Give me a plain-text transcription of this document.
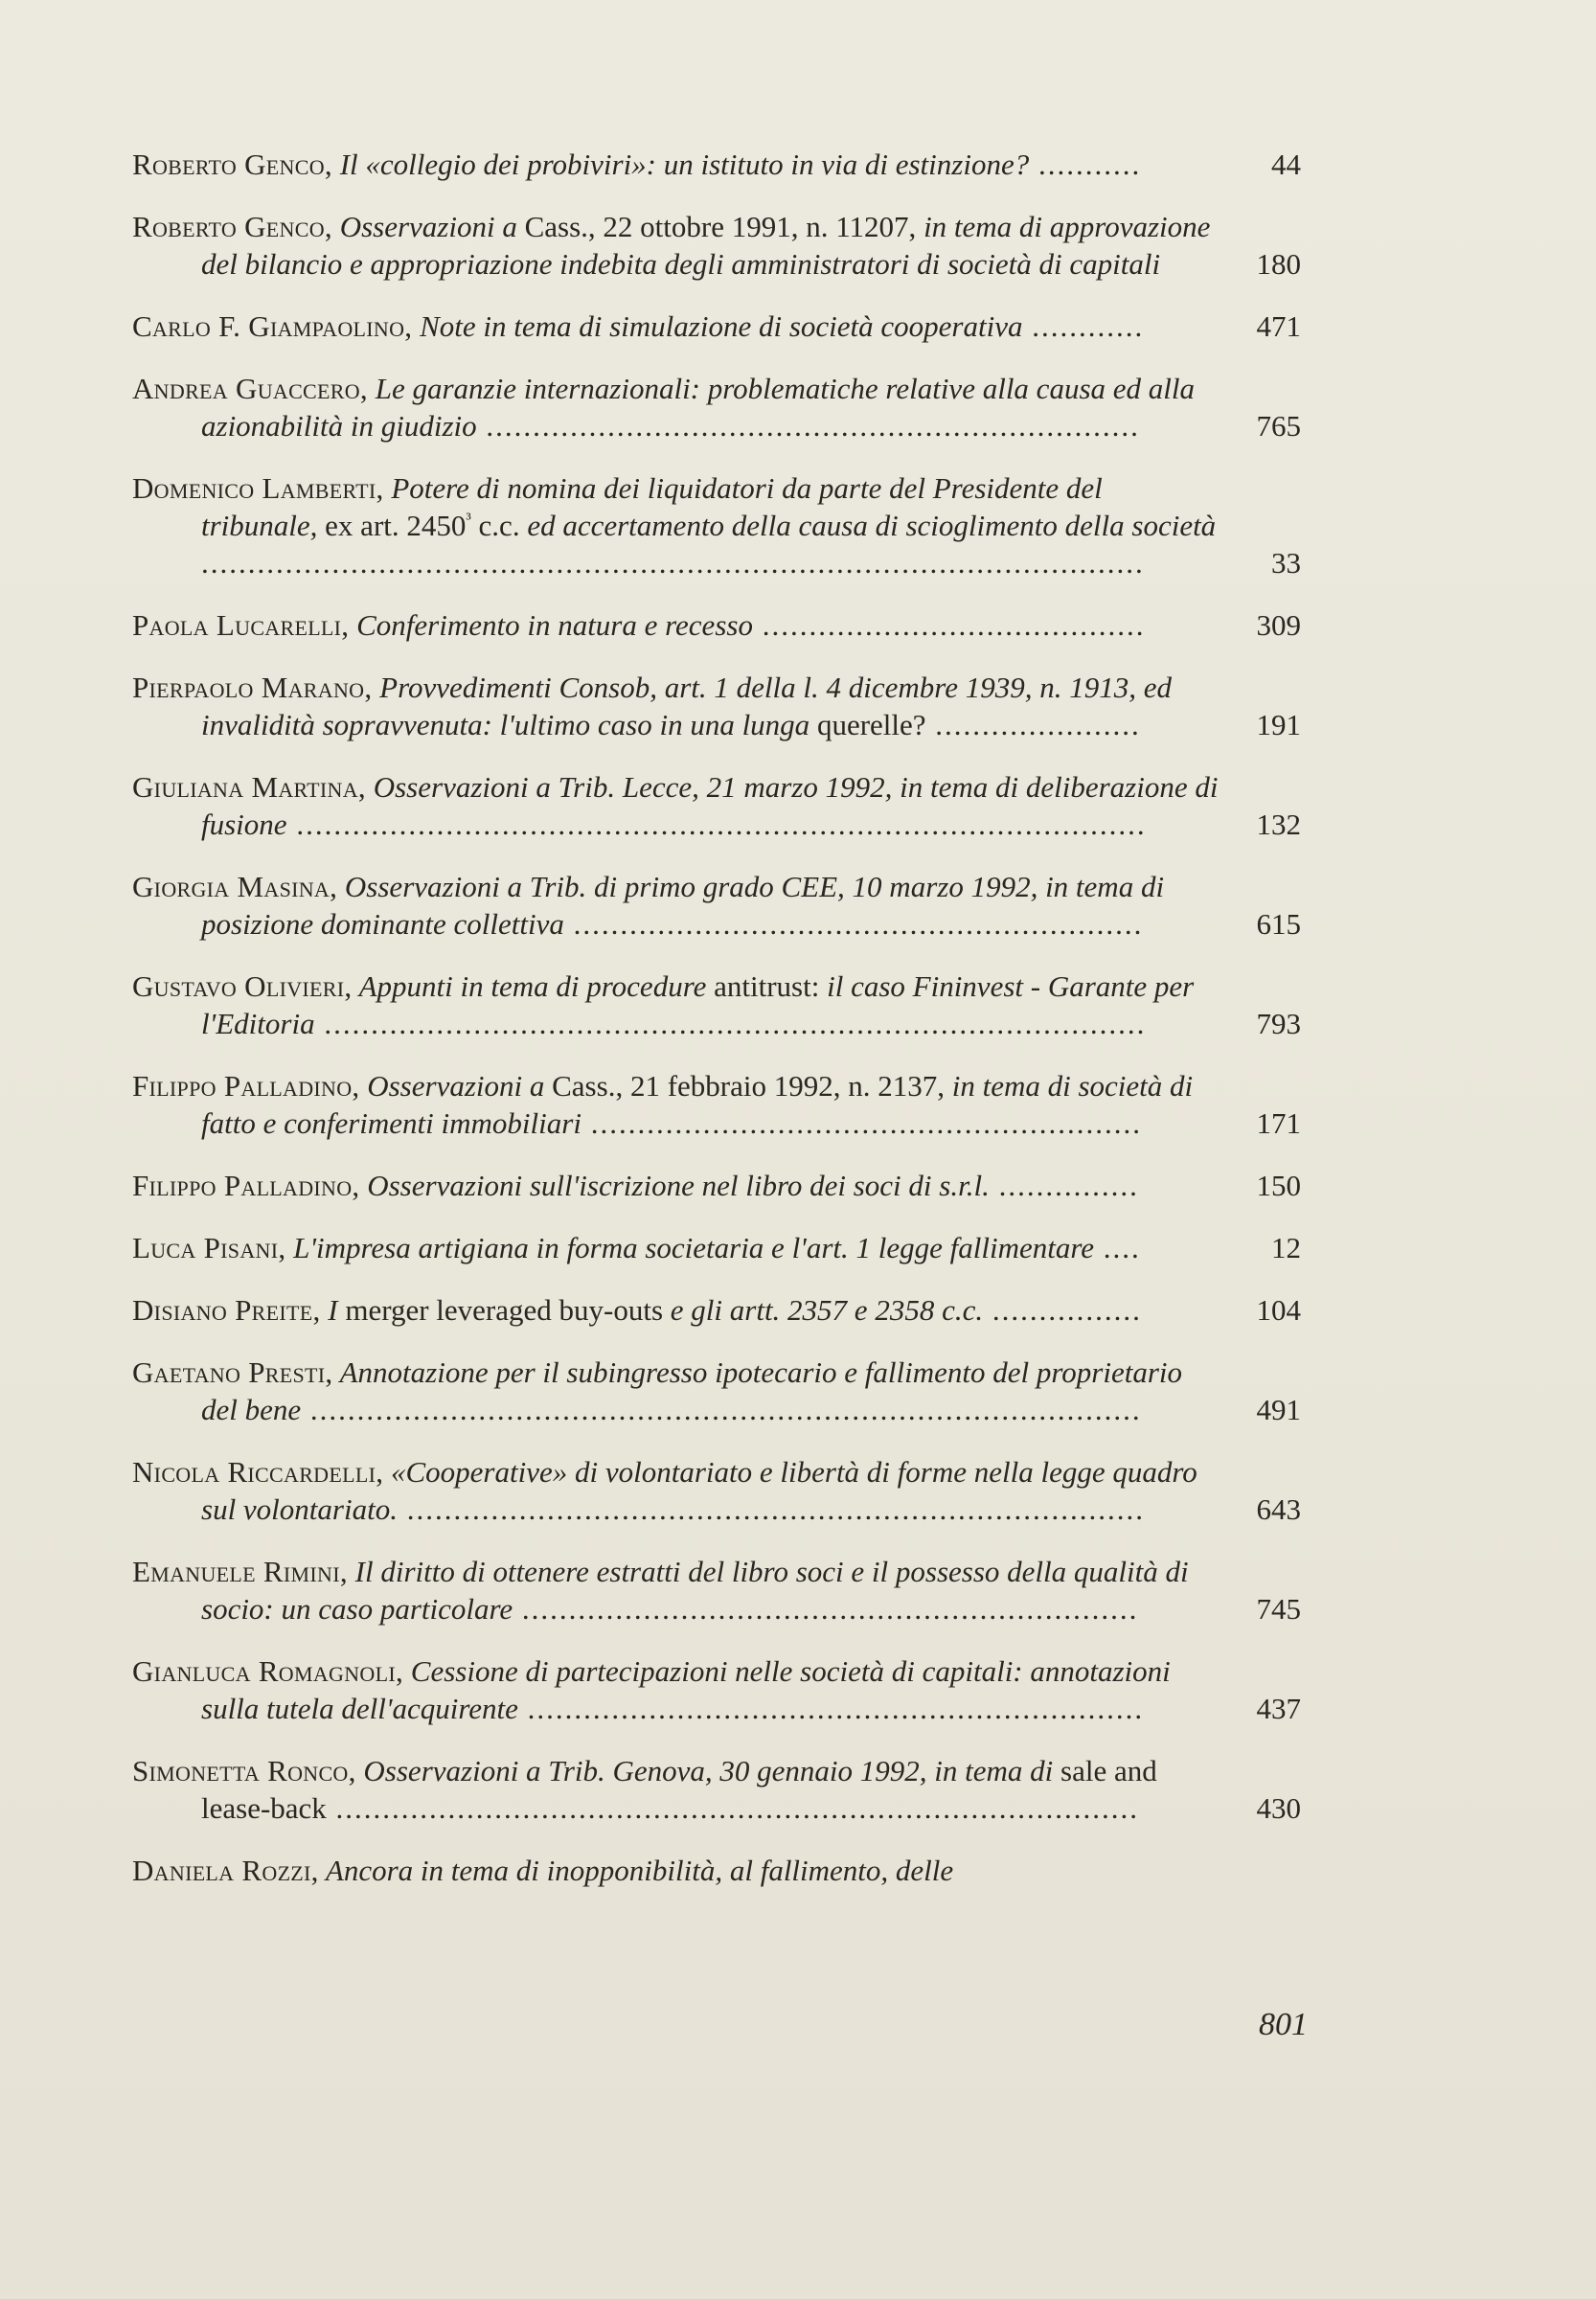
Roberto Genco, Il «collegio dei probiviri»: un istituto in via di estinzione? ...........	44
Roberto Genco, Osservazioni a Cass., 22 ottobre 1991, n. 11207, in tema di approvazione del bilancio e appropriazione indebita degli amministratori di società di capitali	180
Carlo F. Giampaolino, Note in tema di simulazione di società cooperativa ............	471
Andrea Guaccero, Le garanzie internazionali: problematiche relative alla causa ed alla azionabilità in giudizio ......................................................................	765
Domenico Lamberti, Potere di nomina dei liquidatori da parte del Presidente del tribunale, ex art. $2450^{^3}$ c.c. ed accertamento della causa di scioglimento della società .....................................................................................................	33
Paola Lucarelli, Conferimento in natura e recesso .........................................	309
Pierpaolo Marano, Provvedimenti Consob, art. 1 della l. 4 dicembre 1939, n. 1913, ed invalidità sopravvenuta: l'ultimo caso in una lunga querelle? ......................	191
Giuliana Martina, Osservazioni a Trib. Lecce, 21 marzo 1992, in tema di deliberazione di fusione ...........................................................................................	132
Giorgia Masina, Osservazioni a Trib. di primo grado CEE, 10 marzo 1992, in tema di posizione dominante collettiva .............................................................	615
Gustavo Olivieri, Appunti in tema di procedure antitrust: il caso Fininvest - Garante per l'Editoria ........................................................................................	793
Filippo Palladino, Osservazioni a Cass., 21 febbraio 1992, n. 2137, in tema di società di fatto e conferimenti immobiliari ...........................................................	171
Filippo Palladino, Osservazioni sull'iscrizione nel libro dei soci di s.r.l. ...............	150
Luca Pisani, L'impresa artigiana in forma societaria e l'art. 1 legge fallimentare ....	12
Disiano Preite, I merger leveraged buy-outs e gli artt. 2357 e 2358 c.c. ................	104
Gaetano Presti, Annotazione per il subingresso ipotecario e fallimento del proprietario del bene .........................................................................................	491
Nicola Riccardelli, «Cooperative» di volontariato e libertà di forme nella legge quadro sul volontariato. ...............................................................................	643
Emanuele Rimini, Il diritto di ottenere estratti del libro soci e il possesso della qualità di socio: un caso particolare ..................................................................	745
Gianluca Romagnoli, Cessione di partecipazioni nelle società di capitali: annotazioni sulla tutela dell'acquirente ..................................................................	437
Simonetta Ronco, Osservazioni a Trib. Genova, 30 gennaio 1992, in tema di sale and lease-back ......................................................................................	430
Daniela Rozzi, Ancora in tema di inopponibilità, al fallimento, delle
801
